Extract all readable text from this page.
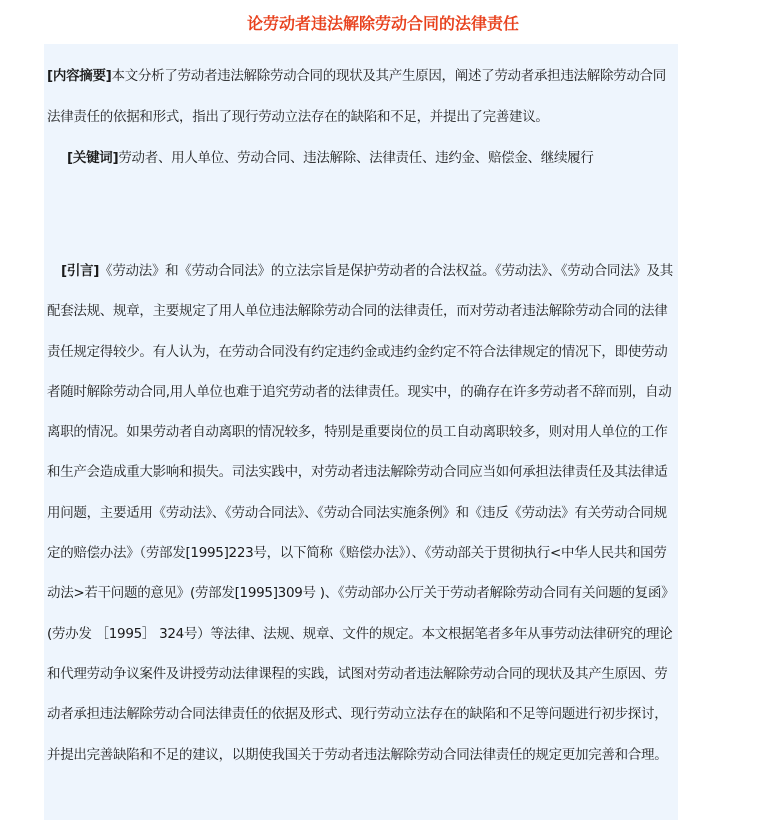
论劳动者违法解除劳动合同的法律责任

[内容摘要]本文分析了劳动者违法解除劳动合同的现状及其产生原因，阐述了劳动者承担违法解除劳动合同法律责任的依据和形式，指出了现行劳动立法存在的缺陷和不足，并提出了完善建议。

[关键词]劳动者、用人单位、劳动合同、违法解除、法律责任、违约金、赔偿金、继续履行

[引言]《劳动法》和《劳动合同法》的立法宗旨是保护劳动者的合法权益。《劳动法》、《劳动合同法》及其配套法规、规章，主要规定了用人单位违法解除劳动合同的法律责任，而对劳动者违法解除劳动合同的法律责任规定得较少。有人认为，在劳动合同没有约定违约金或违约金约定不符合法律规定的情况下，即使劳动者随时解除劳动合同,用人单位也难于追究劳动者的法律责任。现实中，的确存在许多劳动者不辞而别，自动离职的情况。如果劳动者自动离职的情况较多，特别是重要岗位的员工自动离职较多，则对用人单位的工作和生产会造成重大影响和损失。司法实践中，对劳动者违法解除劳动合同应当如何承担法律责任及其法律适用问题，主要适用《劳动法》、《劳动合同法》、《劳动合同法实施条例》和《违反《劳动法》有关劳动合同规定的赔偿办法》（劳部发[1995]223号，以下简称《赔偿办法》）、《劳动部关于贯彻执行<中华人民共和国劳动法>若干问题的意见》(劳部发[1995]309号 )、《劳动部办公厅关于劳动者解除劳动合同有关问题的复函》(劳办发 ［1995］ 324号）等法律、法规、规章、文件的规定。本文根据笔者多年从事劳动法律研究的理论和代理劳动争议案件及讲授劳动法律课程的实践，试图对劳动者违法解除劳动合同的现状及其产生原因、劳动者承担违法解除劳动合同法律责任的依据及形式、现行劳动立法存在的缺陷和不足等问题进行初步探讨，并提出完善缺陷和不足的建议，以期使我国关于劳动者违法解除劳动合同法律责任的规定更加完善和合理。
